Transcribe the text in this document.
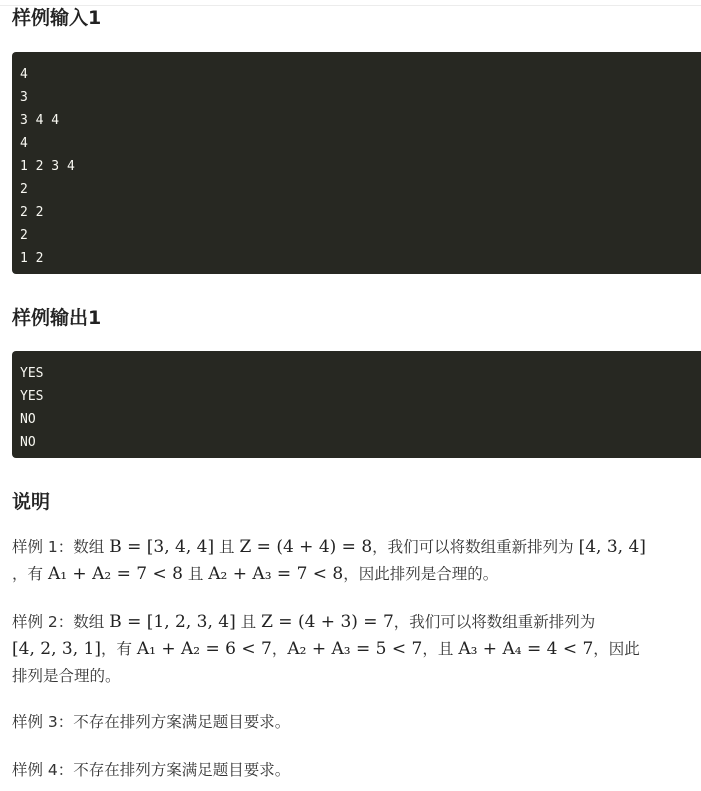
样例输入1
4
3
3 4 4
4
1 2 3 4
2
2 2
2
1 2
样例输出1
YES
YES
NO
NO
说明
样例 1：数组 B = [3, 4, 4] 且 Z = (4 + 4) = 8，我们可以将数组重新排列为 [4, 3, 4]
，有 A₁ + A₂ = 7 < 8 且 A₂ + A₃ = 7 < 8，因此排列是合理的。
样例 2：数组 B = [1, 2, 3, 4] 且 Z = (4 + 3) = 7，我们可以将数组重新排列为
[4, 2, 3, 1]，有 A₁ + A₂ = 6 < 7，A₂ + A₃ = 5 < 7，且 A₃ + A₄ = 4 < 7，因此
排列是合理的。
样例 3：不存在排列方案满足题目要求。
样例 4：不存在排列方案满足题目要求。
